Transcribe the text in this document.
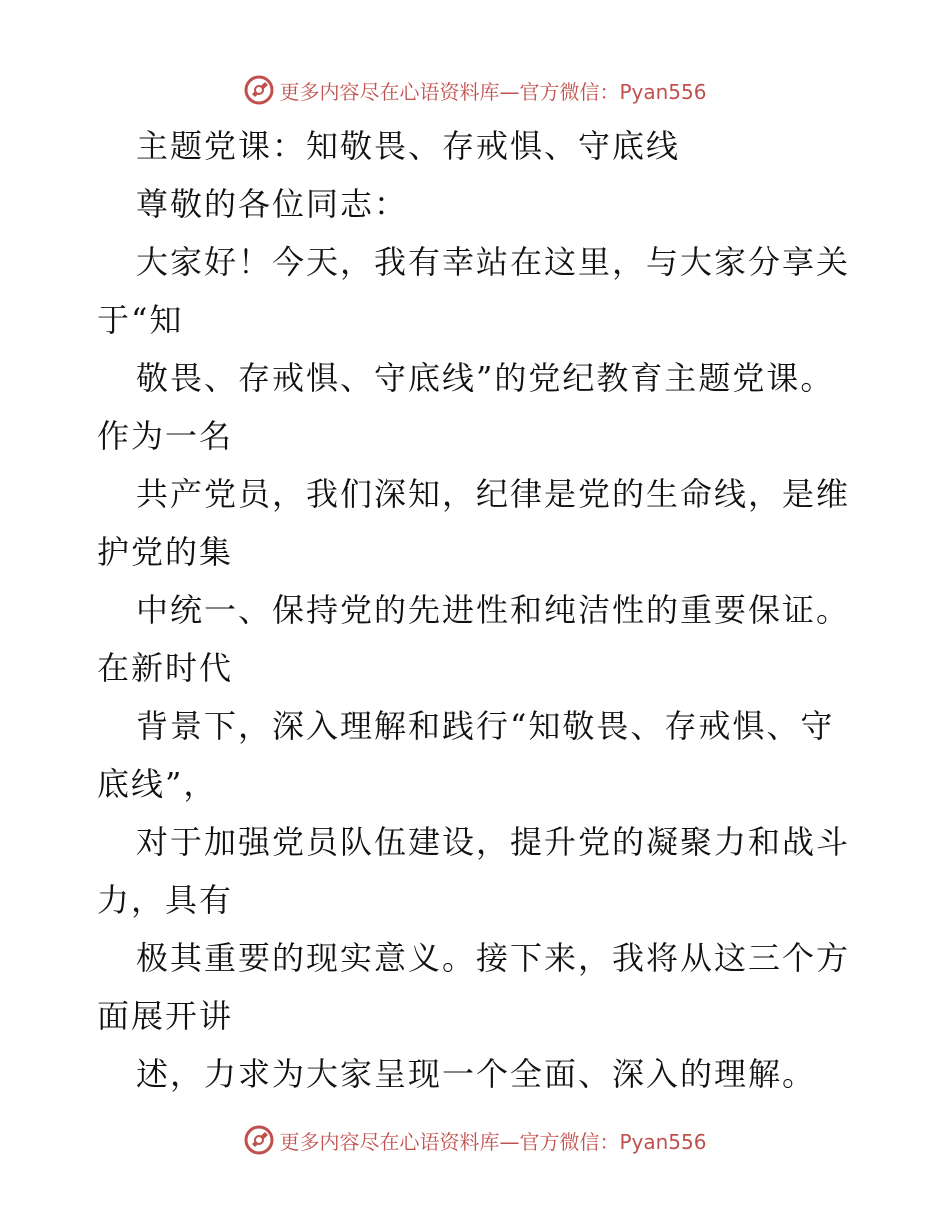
更多内容尽在心语资料库—官方微信：Pyan556
主题党课：知敬畏、存戒惧、守底线
尊敬的各位同志：
大家好！今天，我有幸站在这里，与大家分享关
于“知
敬畏、存戒惧、守底线”的党纪教育主题党课。
作为一名
共产党员，我们深知，纪律是党的生命线，是维
护党的集
中统一、保持党的先进性和纯洁性的重要保证。
在新时代
背景下，深入理解和践行“知敬畏、存戒惧、守
底线”，
对于加强党员队伍建设，提升党的凝聚力和战斗
力，具有
极其重要的现实意义。接下来，我将从这三个方
面展开讲
述，力求为大家呈现一个全面、深入的理解。
更多内容尽在心语资料库—官方微信：Pyan556
